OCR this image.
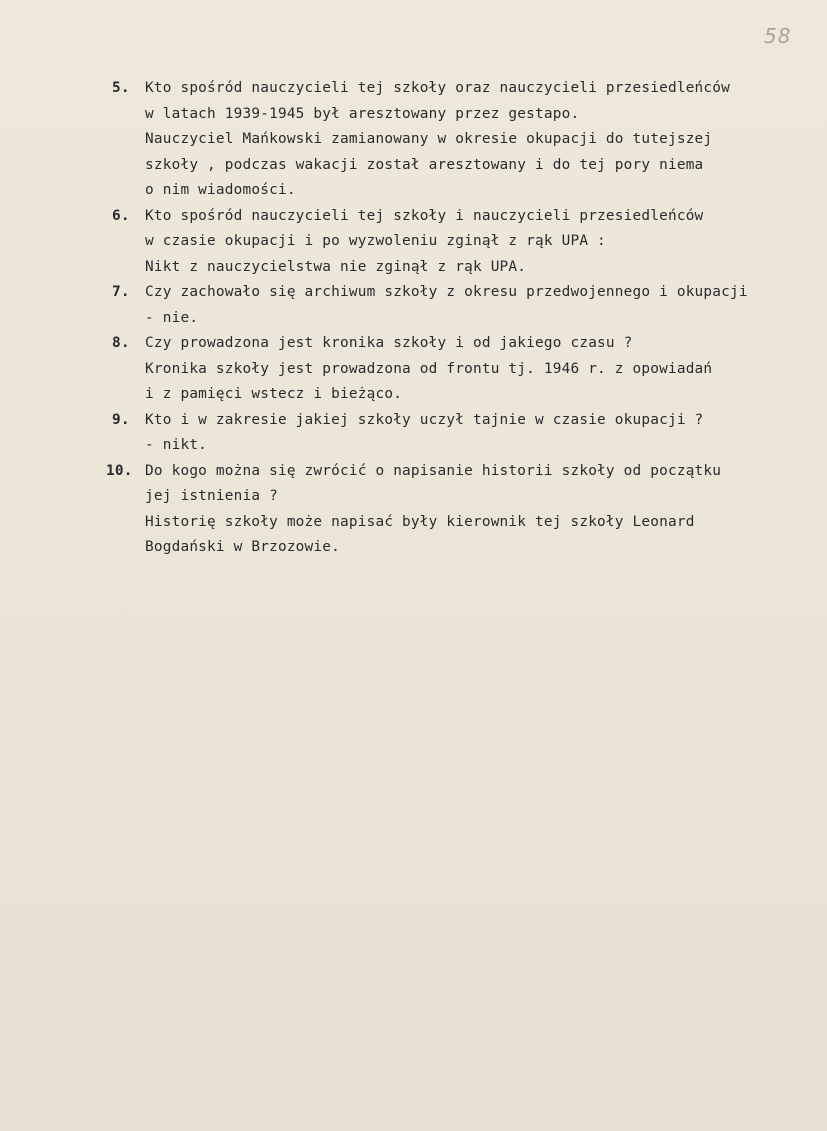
58
5. Kto spośród nauczycieli tej szkoły oraz nauczycieli przesiedleńców
w latach 1939-1945 był aresztowany przez gestapo.
Nauczyciel Mańkowski zamianowany w okresie okupacji do tutejszej
szkoły , podczas wakacji został aresztowany i do tej pory niema
o nim wiadomości.
6. Kto spośród nauczycieli tej szkoły i nauczycieli przesiedleńców
w czasie okupacji i po wyzwoleniu zginął z rąk UPA :
Nikt z nauczycielstwa nie zginął z rąk UPA.
7. Czy zachowało się archiwum szkoły z okresu przedwojennego i okupacji
- nie.
8. Czy prowadzona jest kronika szkoły i od jakiego czasu ?
Kronika szkoły jest prowadzona od frontu tj. 1946 r. z opowiadań
i z pamięci wstecz i bieżąco.
9. Kto i w zakresie jakiej szkoły uczył tajnie w czasie okupacji ?
- nikt.
10. Do kogo można się zwrócić o napisanie historii szkoły od początku
jej istnienia ?
Historię szkoły może napisać były kierownik tej szkoły Leonard
Bogdański w Brzozowie.
